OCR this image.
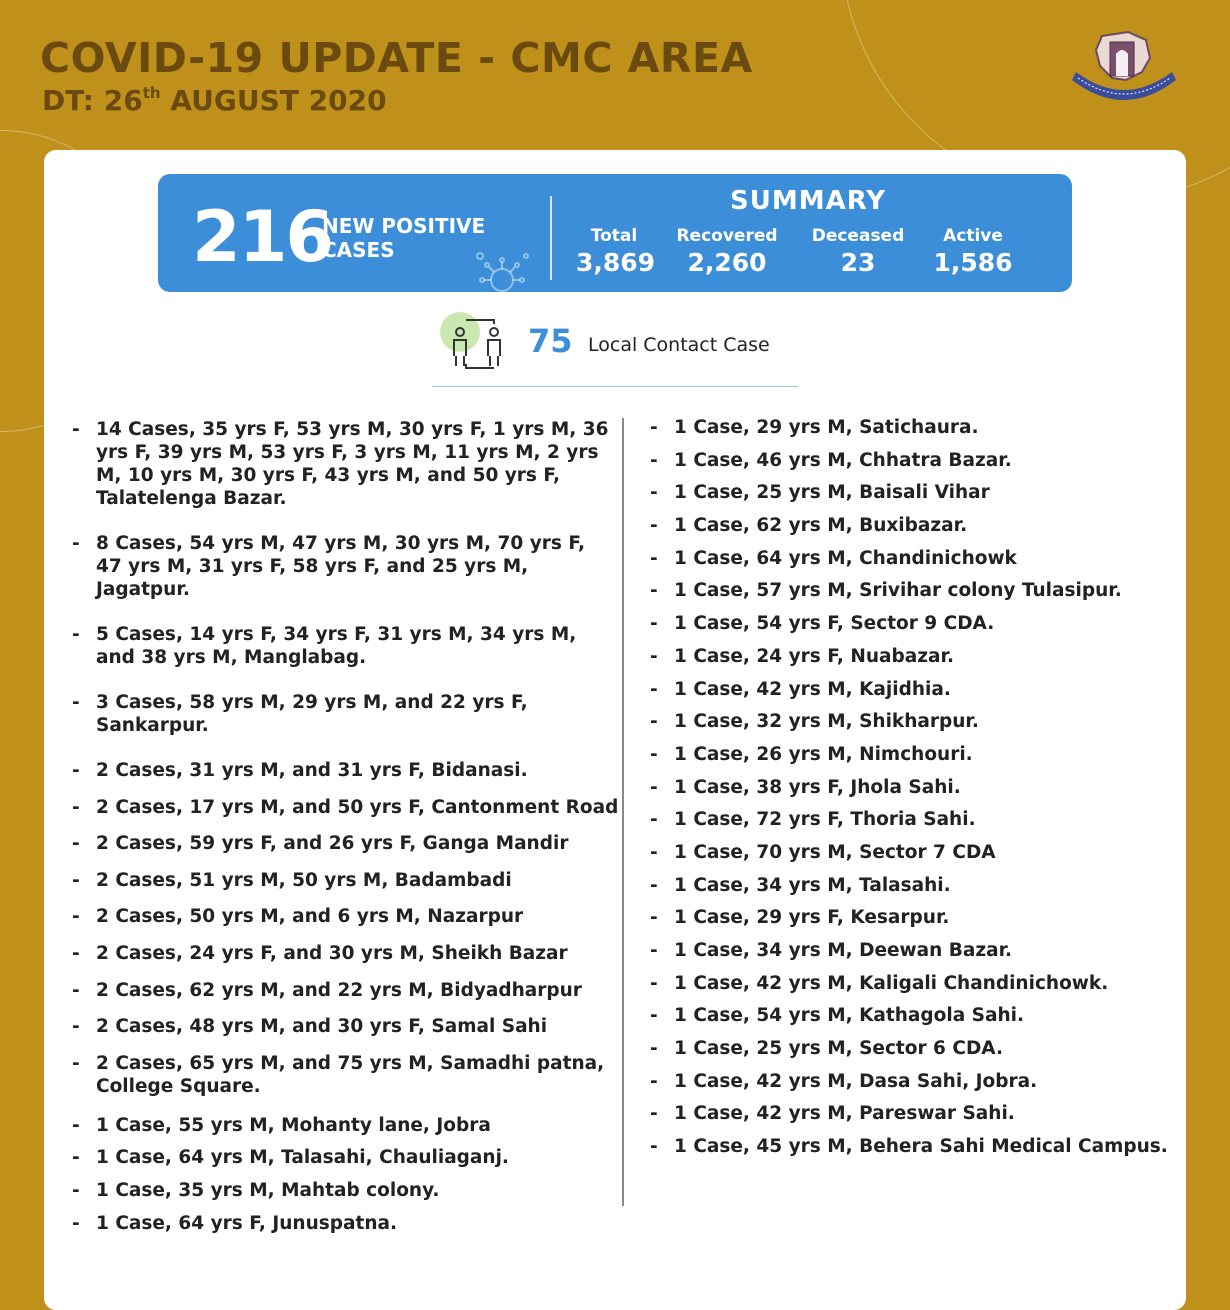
COVID-19 UPDATE - CMC AREA
DT: 26th AUGUST 2020
216
NEW POSITIVE CASES
SUMMARY
Total
3,869
Recovered
2,260
Deceased
23
Active
1,586
75 Local Contact Case
- 14 Cases, 35 yrs F, 53 yrs M, 30 yrs F, 1 yrs M, 36 yrs F, 39 yrs M, 53 yrs F, 3 yrs M, 11 yrs M, 2 yrs M, 10 yrs M, 30 yrs F, 43 yrs M, and 50 yrs F, Talatelenga Bazar.
- 8 Cases, 54 yrs M, 47 yrs M, 30 yrs M, 70 yrs F, 47 yrs M, 31 yrs F, 58 yrs F, and 25 yrs M, Jagatpur.
- 5 Cases, 14 yrs F, 34 yrs F, 31 yrs M, 34 yrs M, and 38 yrs M, Manglabag.
- 3 Cases, 58 yrs M, 29 yrs M, and 22 yrs F, Sankarpur.
- 2 Cases, 31 yrs M, and 31 yrs F, Bidanasi.
- 2 Cases, 17 yrs M, and 50 yrs F, Cantonment Road
- 2 Cases, 59 yrs F, and 26 yrs F, Ganga Mandir
- 2 Cases, 51 yrs M, 50 yrs M, Badambadi
- 2 Cases, 50 yrs M, and 6 yrs M, Nazarpur
- 2 Cases, 24 yrs F, and 30 yrs M, Sheikh Bazar
- 2 Cases, 62 yrs M, and 22 yrs M, Bidyadharpur
- 2 Cases, 48 yrs M, and 30 yrs F, Samal Sahi
- 2 Cases, 65 yrs M, and 75 yrs M, Samadhi patna, College Square.
- 1 Case, 55 yrs M, Mohanty lane, Jobra
- 1 Case, 64 yrs M, Talasahi, Chauliaganj.
- 1 Case, 35 yrs M, Mahtab colony.
- 1 Case, 64 yrs F, Junuspatna.
- 1 Case, 29 yrs M, Satichaura.
- 1 Case, 46 yrs M, Chhatra Bazar.
- 1 Case, 25 yrs M, Baisali Vihar
- 1 Case, 62 yrs M, Buxibazar.
- 1 Case, 64 yrs M, Chandinichowk
- 1 Case, 57 yrs M, Srivihar colony Tulasipur.
- 1 Case, 54 yrs F, Sector 9 CDA.
- 1 Case, 24 yrs F, Nuabazar.
- 1 Case, 42 yrs M, Kajidhia.
- 1 Case, 32 yrs M, Shikharpur.
- 1 Case, 26 yrs M, Nimchouri.
- 1 Case, 38 yrs F, Jhola Sahi.
- 1 Case, 72 yrs F, Thoria Sahi.
- 1 Case, 70 yrs M, Sector 7 CDA
- 1 Case, 34 yrs M, Talasahi.
- 1 Case, 29 yrs F, Kesarpur.
- 1 Case, 34 yrs M, Deewan Bazar.
- 1 Case, 42 yrs M, Kaligali Chandinichowk.
- 1 Case, 54 yrs M, Kathagola Sahi.
- 1 Case, 25 yrs M, Sector 6 CDA.
- 1 Case, 42 yrs M, Dasa Sahi, Jobra.
- 1 Case, 42 yrs M, Pareswar Sahi.
- 1 Case, 45 yrs M, Behera Sahi Medical Campus.
